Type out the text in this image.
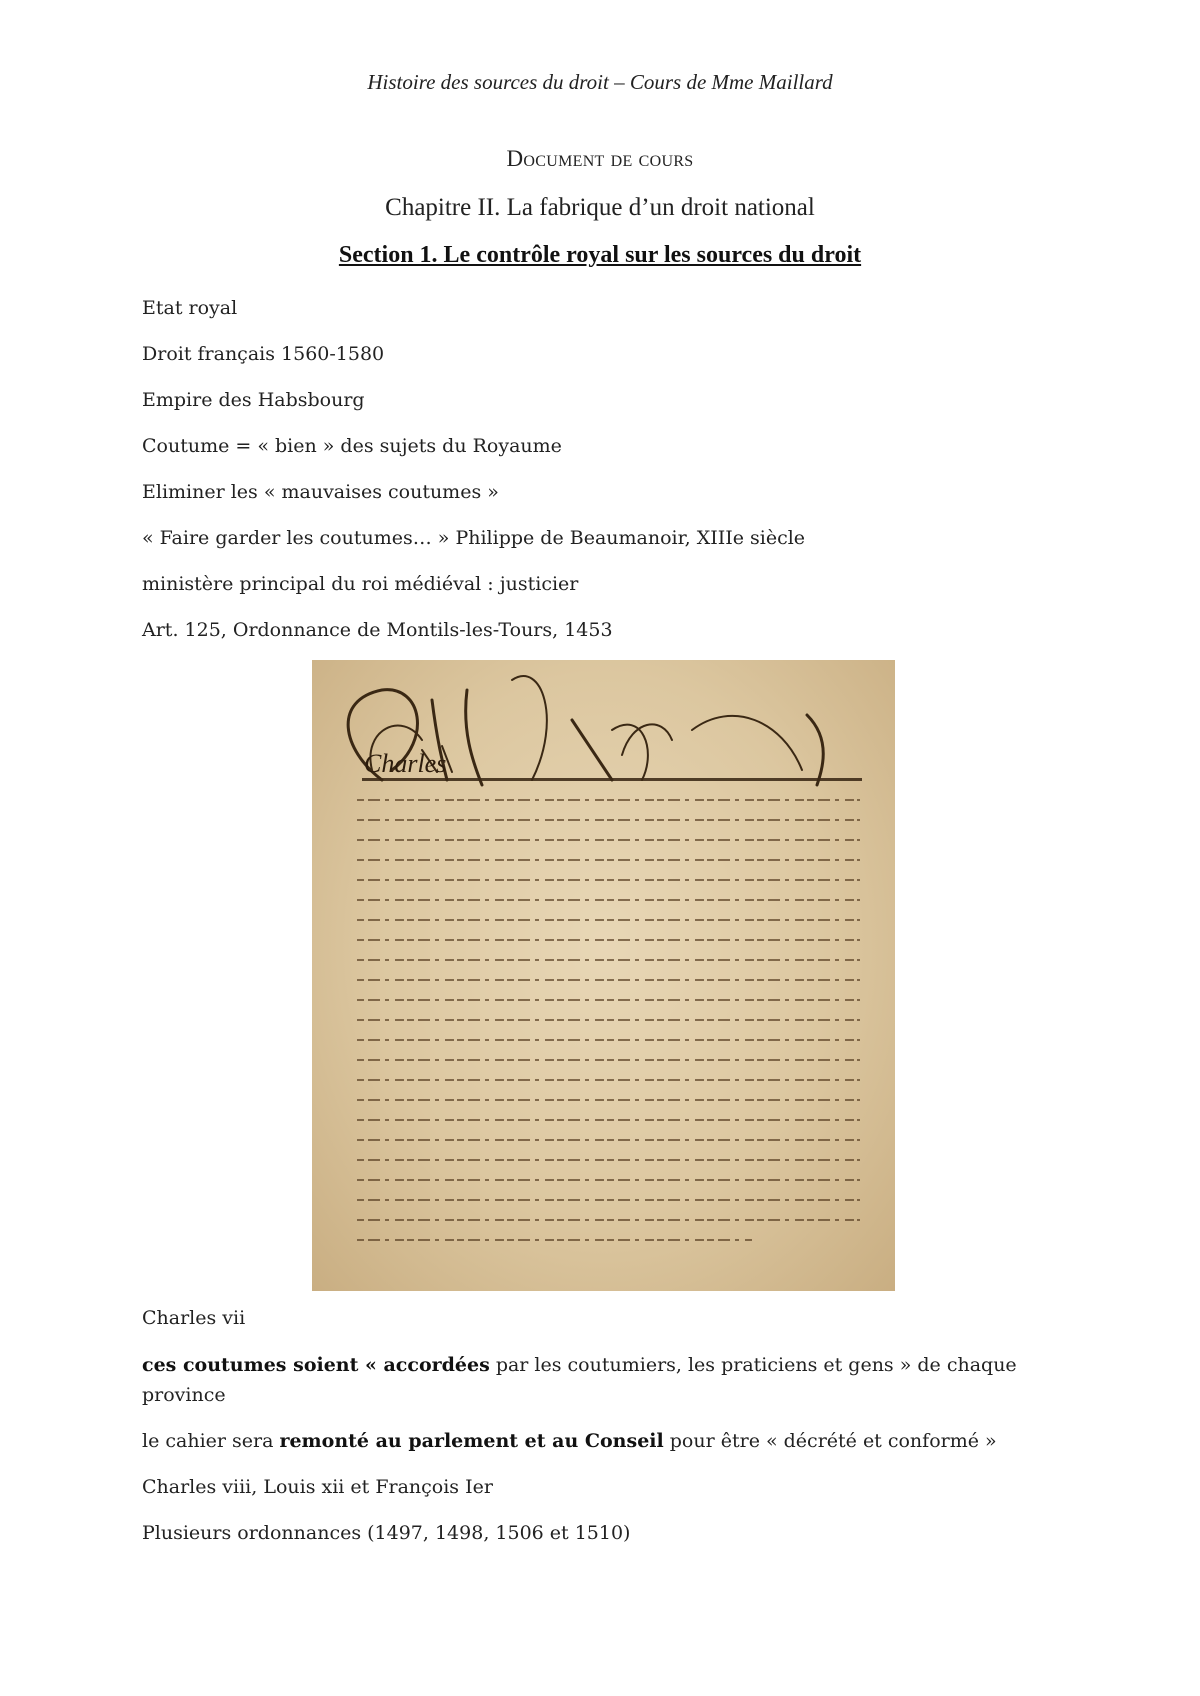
Histoire des sources du droit – Cours de Mme Maillard
Document de cours
Chapitre II. La fabrique d’un droit national
Section 1. Le contrôle royal sur les sources du droit
Etat royal
Droit français 1560-1580
Empire des Habsbourg
Coutume = « bien » des sujets du Royaume
Eliminer les « mauvaises coutumes »
« Faire garder les coutumes… » Philippe de Beaumanoir, XIIIe siècle
ministère principal du roi médiéval : justicier
Art. 125, Ordonnance de Montils-les-Tours, 1453
Charles
Charles vii
ces coutumes soient « accordées par les coutumiers, les praticiens et gens » de chaque
province
le cahier sera remonté au parlement et au Conseil pour être « décrété et conformé »
Charles viii, Louis xii et François Ier
Plusieurs ordonnances (1497, 1498, 1506 et 1510)
